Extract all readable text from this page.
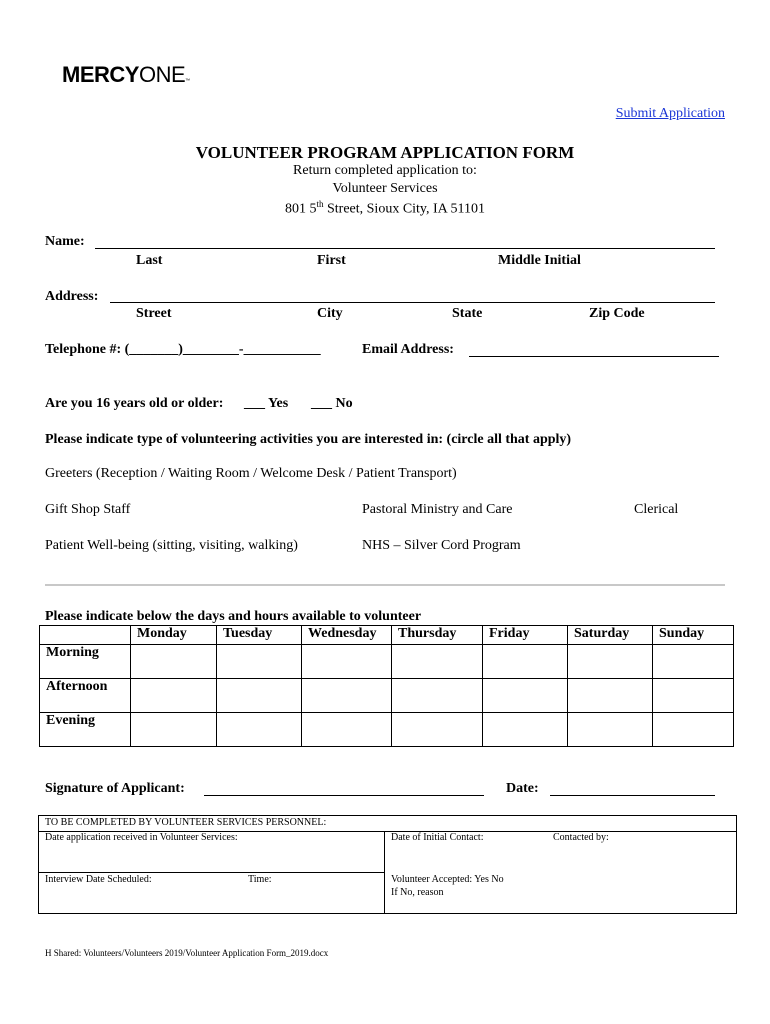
MERCYONE™
Submit Application
VOLUNTEER PROGRAM APPLICATION FORM
Return completed application to:
Volunteer Services
801 5th Street, Sioux City, IA 51101
Name:
Last	First	Middle Initial
Address:
Street	City	State	Zip Code
Telephone #: (_______)________-___________	Email Address:
Are you 16 years old or older: ___ Yes ___ No
Please indicate type of volunteering activities you are interested in: (circle all that apply)
Greeters (Reception / Waiting Room / Welcome Desk / Patient Transport)
Gift Shop Staff	Pastoral Ministry and Care	Clerical
Patient Well-being (sitting, visiting, walking)	NHS – Silver Cord Program
Please indicate below the days and hours available to volunteer
	Monday	Tuesday	Wednesday	Thursday	Friday	Saturday	Sunday
Morning							
Afternoon							
Evening							
Signature of Applicant:	Date:
TO BE COMPLETED BY VOLUNTEER SERVICES PERSONNEL:
Date application received in Volunteer Services:	Date of Initial Contact:	Contacted by:
Interview Date Scheduled:	Time:	Volunteer Accepted: Yes No
If No, reason
H Shared: Volunteers/Volunteers 2019/Volunteer Application Form_2019.docx
